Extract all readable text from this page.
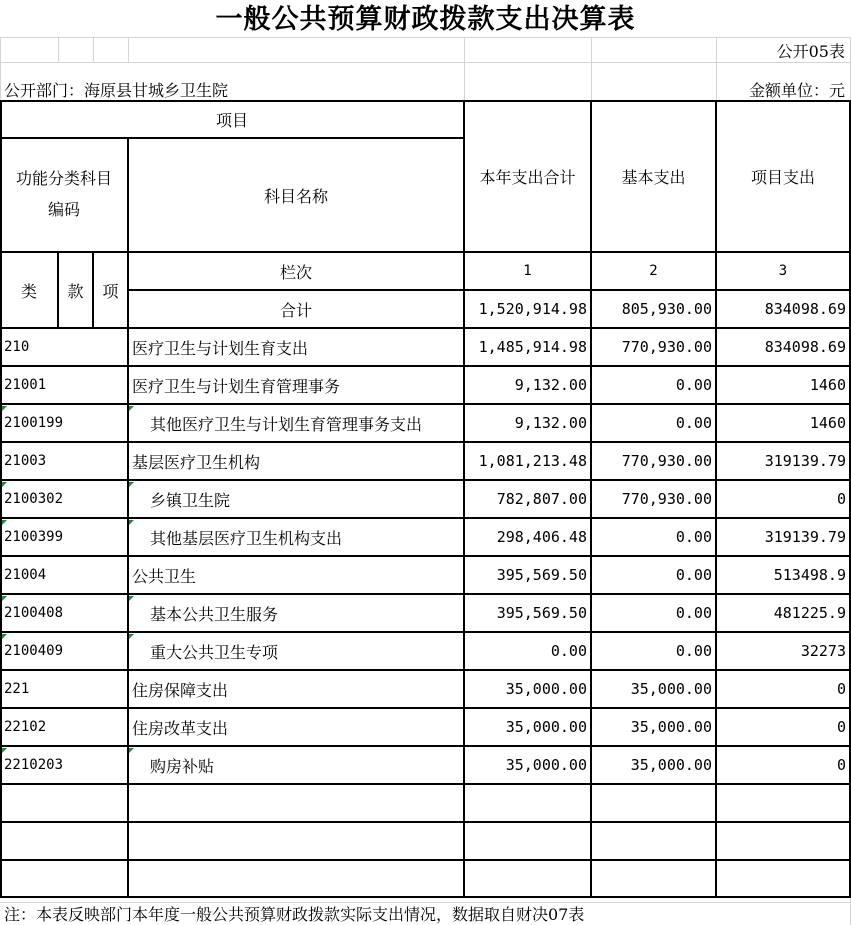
一般公共预算财政拨款支出决算表
公开05表
公开部门：海原县甘城乡卫生院	金额单位：元
项目
功能分类科目
编码
科目名称
本年支出合计	基本支出	项目支出
类	款	项
栏次	1	2	3
合计	1,520,914.98	805,930.00	834098.69
210	医疗卫生与计划生育支出	1,485,914.98	770,930.00	834098.69
21001	医疗卫生与计划生育管理事务	9,132.00	0.00	1460
2100199	其他医疗卫生与计划生育管理事务支出	9,132.00	0.00	1460
21003	基层医疗卫生机构	1,081,213.48	770,930.00	319139.79
2100302	乡镇卫生院	782,807.00	770,930.00	0
2100399	其他基层医疗卫生机构支出	298,406.48	0.00	319139.79
21004	公共卫生	395,569.50	0.00	513498.9
2100408	基本公共卫生服务	395,569.50	0.00	481225.9
2100409	重大公共卫生专项	0.00	0.00	32273
221	住房保障支出	35,000.00	35,000.00	0
22102	住房改革支出	35,000.00	35,000.00	0
2210203	购房补贴	35,000.00	35,000.00	0
注：本表反映部门本年度一般公共预算财政拨款实际支出情况，数据取自财决07表
